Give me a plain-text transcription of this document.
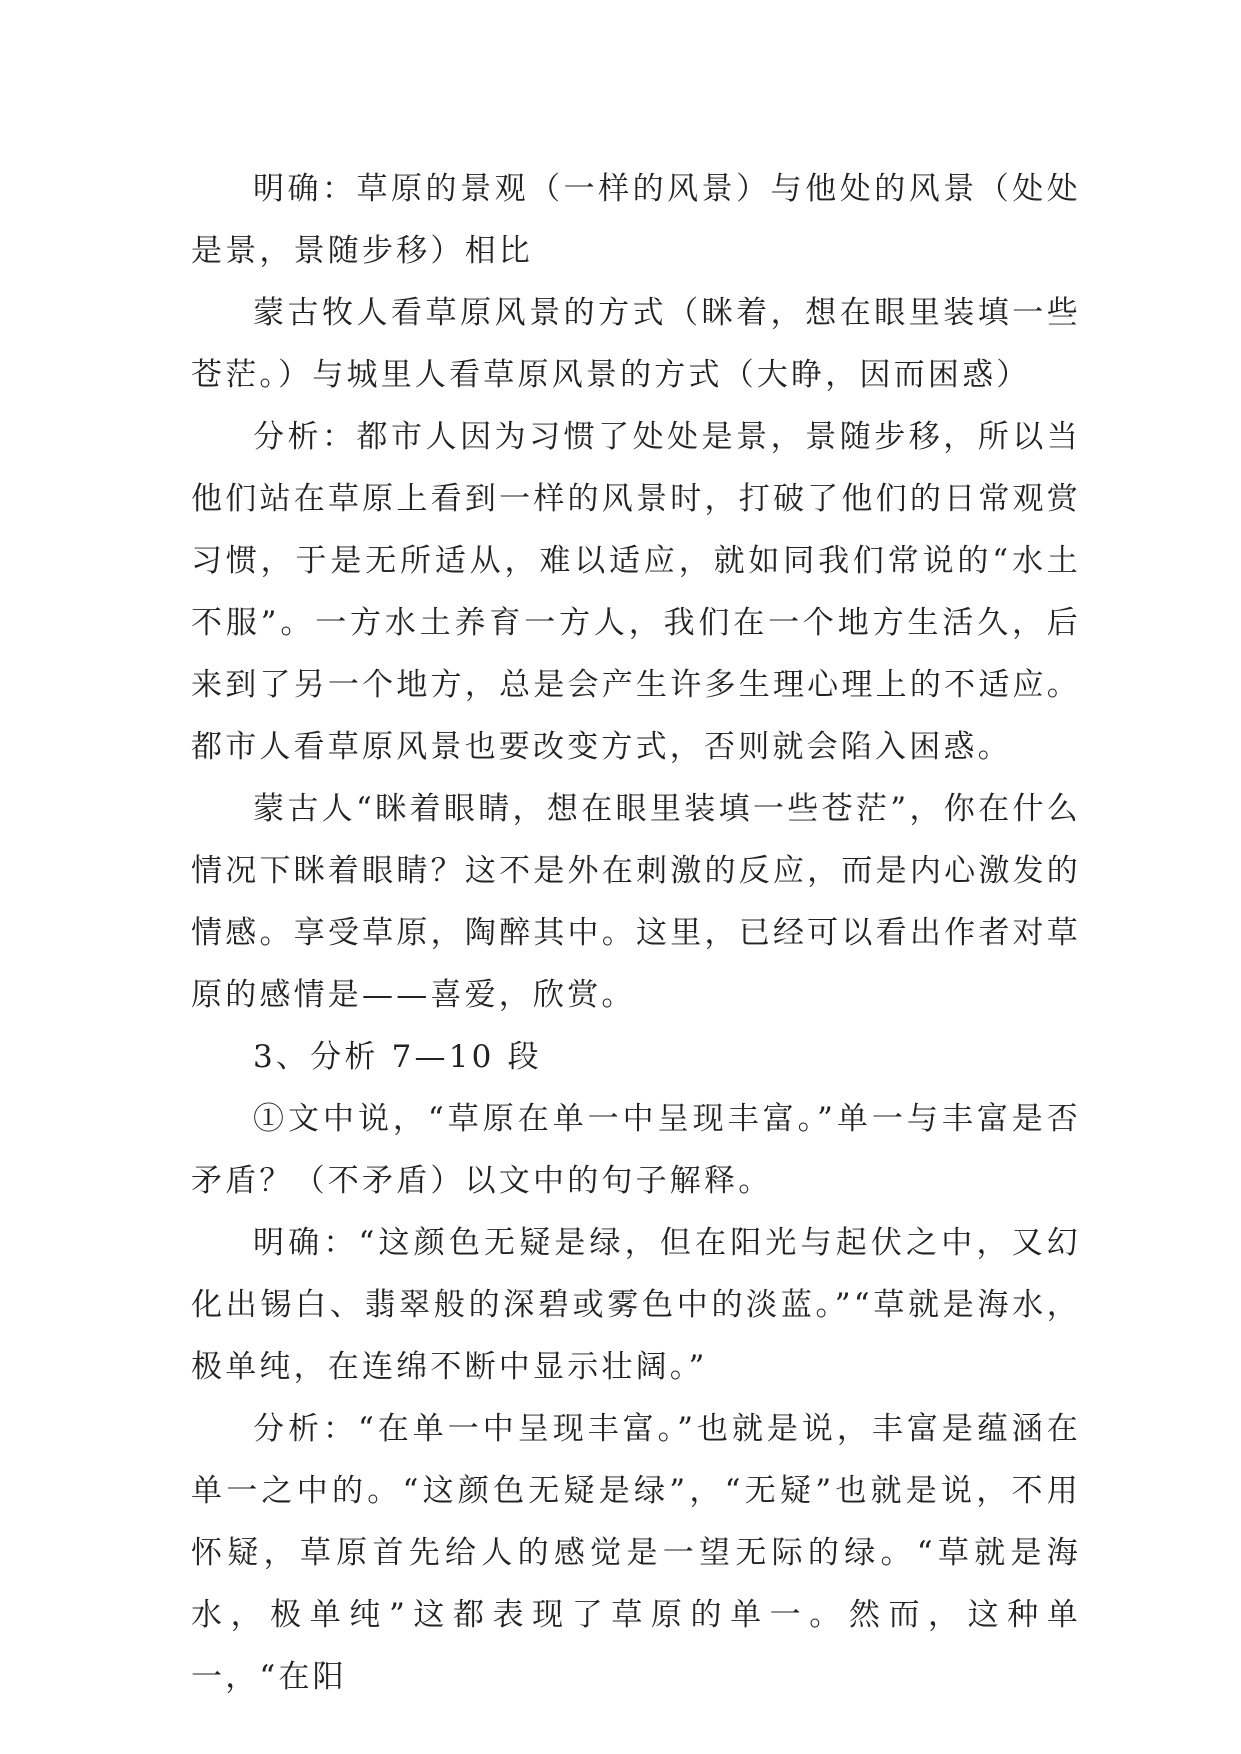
明确：草原的景观（一样的风景）与他处的风景（处处是景，景随步移）相比

蒙古牧人看草原风景的方式（眯着，想在眼里装填一些苍茫。）与城里人看草原风景的方式（大睁，因而困惑）

分析：都市人因为习惯了处处是景，景随步移，所以当他们站在草原上看到一样的风景时，打破了他们的日常观赏习惯，于是无所适从，难以适应，就如同我们常说的“水土不服”。一方水土养育一方人，我们在一个地方生活久，后来到了另一个地方，总是会产生许多生理心理上的不适应。都市人看草原风景也要改变方式，否则就会陷入困惑。

蒙古人“眯着眼睛，想在眼里装填一些苍茫”，你在什么情况下眯着眼睛？这不是外在刺激的反应，而是内心激发的情感。享受草原，陶醉其中。这里，已经可以看出作者对草原的感情是——喜爱，欣赏。

3、分析 7—10 段

①文中说，“草原在单一中呈现丰富。”单一与丰富是否矛盾？（不矛盾）以文中的句子解释。

明确：“这颜色无疑是绿，但在阳光与起伏之中，又幻化出锡白、翡翠般的深碧或雾色中的淡蓝。”“草就是海水，极单纯，在连绵不断中显示壮阔。”

分析：“在单一中呈现丰富。”也就是说，丰富是蕴涵在单一之中的。“这颜色无疑是绿”，“无疑”也就是说，不用怀疑，草原首先给人的感觉是一望无际的绿。“草就是海水，极单纯”这都表现了草原的单一。然而，这种单一，“在阳
